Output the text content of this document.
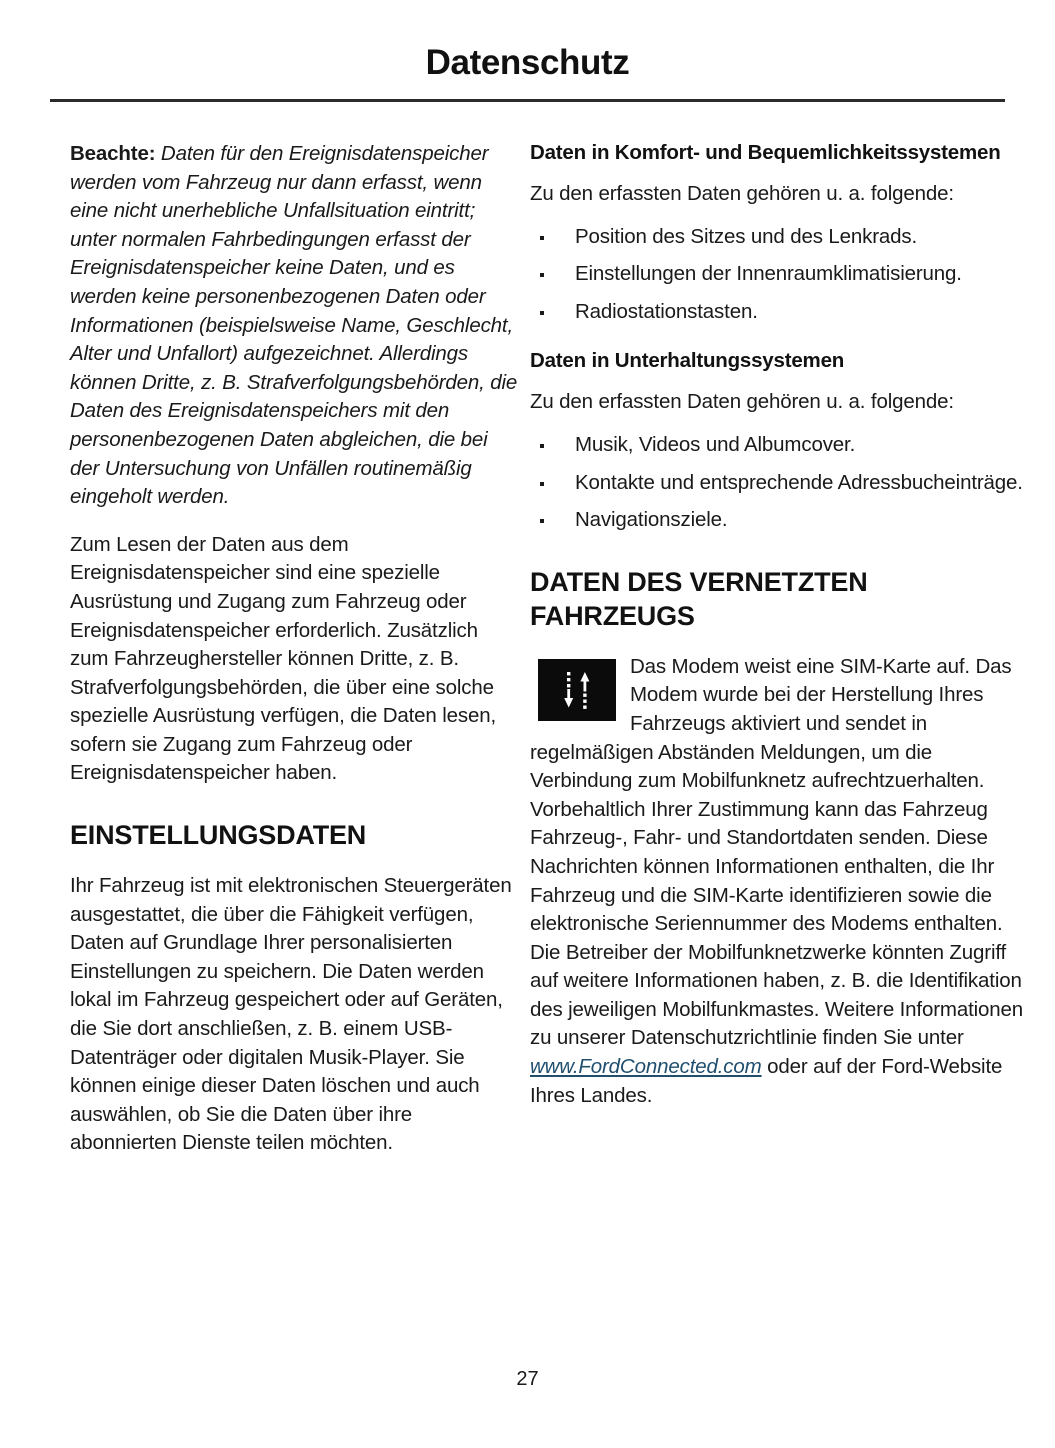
Datenschutz

Beachte: Daten für den Ereignisdatenspeicher werden vom Fahrzeug nur dann erfasst, wenn eine nicht unerhebliche Unfallsituation eintritt; unter normalen Fahrbedingungen erfasst der Ereignisdatenspeicher keine Daten, und es werden keine personenbezogenen Daten oder Informationen (beispielsweise Name, Geschlecht, Alter und Unfallort) aufgezeichnet. Allerdings können Dritte, z. B. Strafverfolgungsbehörden, die Daten des Ereignisdatenspeichers mit den personenbezogenen Daten abgleichen, die bei der Untersuchung von Unfällen routinemäßig eingeholt werden.

Zum Lesen der Daten aus dem Ereignisdatenspeicher sind eine spezielle Ausrüstung und Zugang zum Fahrzeug oder Ereignisdatenspeicher erforderlich. Zusätzlich zum Fahrzeughersteller können Dritte, z. B. Strafverfolgungsbehörden, die über eine solche spezielle Ausrüstung verfügen, die Daten lesen, sofern sie Zugang zum Fahrzeug oder Ereignisdatenspeicher haben.

EINSTELLUNGSDATEN

Ihr Fahrzeug ist mit elektronischen Steuergeräten ausgestattet, die über die Fähigkeit verfügen, Daten auf Grundlage Ihrer personalisierten Einstellungen zu speichern. Die Daten werden lokal im Fahrzeug gespeichert oder auf Geräten, die Sie dort anschließen, z. B. einem USB-Datenträger oder digitalen Musik-Player. Sie können einige dieser Daten löschen und auch auswählen, ob Sie die Daten über ihre abonnierten Dienste teilen möchten.

Daten in Komfort- und Bequemlichkeitssystemen

Zu den erfassten Daten gehören u. a. folgende:

Position des Sitzes und des Lenkrads.
Einstellungen der Innenraumklimatisierung.
Radiostationstasten.
Daten in Unterhaltungssystemen

Zu den erfassten Daten gehören u. a. folgende:

Musik, Videos und Albumcover.
Kontakte und entsprechende Adressbucheinträge.
Navigationsziele.
DATEN DES VERNETZTEN FAHRZEUGS

Das Modem weist eine SIM-Karte auf. Das Modem wurde bei der Herstellung Ihres Fahrzeugs aktiviert und sendet in regelmäßigen Abständen Meldungen, um die Verbindung zum Mobilfunknetz aufrechtzuerhalten. Vorbehaltlich Ihrer Zustimmung kann das Fahrzeug Fahrzeug-, Fahr- und Standortdaten senden. Diese Nachrichten können Informationen enthalten, die Ihr Fahrzeug und die SIM-Karte identifizieren sowie die elektronische Seriennummer des Modems enthalten. Die Betreiber der Mobilfunknetzwerke könnten Zugriff auf weitere Informationen haben, z. B. die Identifikation des jeweiligen Mobilfunkmastes. Weitere Informationen zu unserer Datenschutzrichtlinie finden Sie unter www.FordConnected.com oder auf der Ford-Website Ihres Landes.

27
